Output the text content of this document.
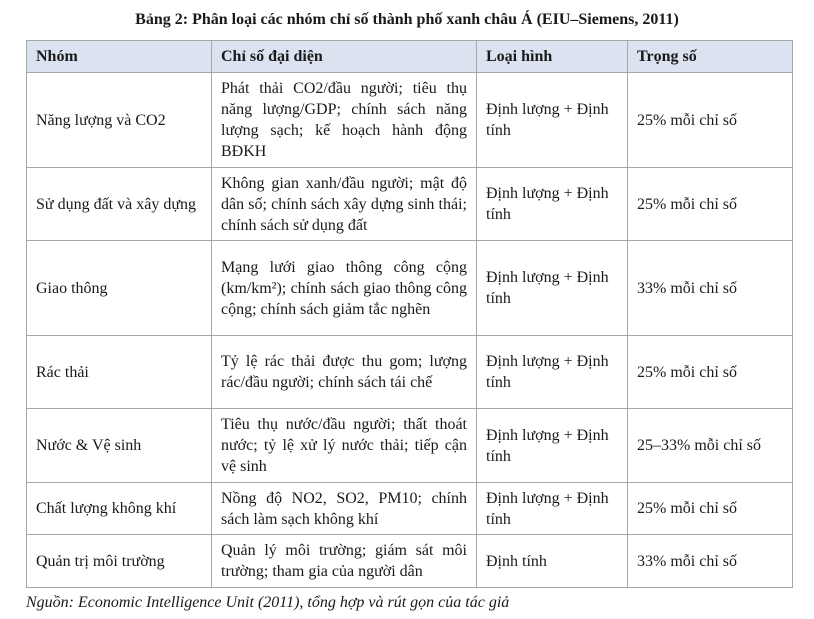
Bảng 2: Phân loại các nhóm chỉ số thành phố xanh châu Á (EIU–Siemens, 2011)
Nhóm	Chỉ số đại diện	Loại hình	Trọng số
Năng lượng và CO2	Phát thải CO2/đầu người; tiêu thụ năng lượng/GDP; chính sách năng lượng sạch; kế hoạch hành động BĐKH	Định lượng + Định tính	25% mỗi chỉ số
Sử dụng đất và xây dựng	Không gian xanh/đầu người; mật độ dân số; chính sách xây dựng sinh thái; chính sách sử dụng đất	Định lượng + Định tính	25% mỗi chỉ số
Giao thông	Mạng lưới giao thông công cộng (km/km²); chính sách giao thông công cộng; chính sách giảm tắc nghẽn	Định lượng + Định tính	33% mỗi chỉ số
Rác thải	Tỷ lệ rác thải được thu gom; lượng rác/đầu người; chính sách tái chế	Định lượng + Định tính	25% mỗi chỉ số
Nước & Vệ sinh	Tiêu thụ nước/đầu người; thất thoát nước; tỷ lệ xử lý nước thải; tiếp cận vệ sinh	Định lượng + Định tính	25–33% mỗi chỉ số
Chất lượng không khí	Nồng độ NO2, SO2, PM10; chính sách làm sạch không khí	Định lượng + Định tính	25% mỗi chỉ số
Quản trị môi trường	Quản lý môi trường; giám sát môi trường; tham gia của người dân	Định tính	33% mỗi chỉ số
Nguồn: Economic Intelligence Unit (2011), tổng hợp và rút gọn của tác giả
